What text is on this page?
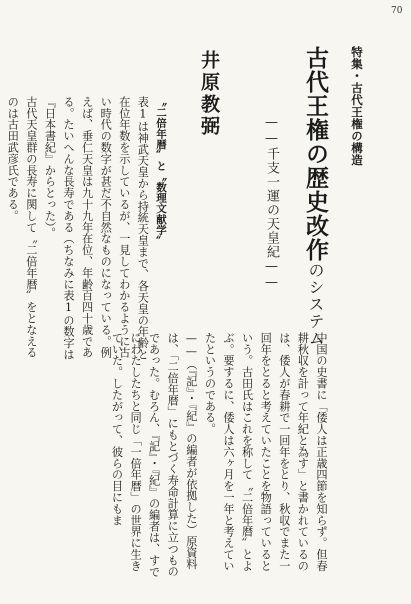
70
特集・古代王権の構造
古代王権の歴史改作のシステム
——千支一運の天皇紀——
井原教弼

〝二倍年暦〟と〝数理文献学〟

表1は神武天皇から持統天皇まで、各天皇の年齢と在位年数を示しているが、一見してわかるように古い時代の数字が甚だ不自然なものになっている。例えば、垂仁天皇は九十九年在位、年齢百四十歳である。たいへんな長寿である（ちなみに表1の数字は『日本書紀』からとった）。

古代天皇群の長寿に関して〝二倍年暦〟をとなえるのは古田武彦氏である。

中国の史書に「倭人は正歳四節を知らず。但春耕秋収を計って年紀と為す」と書かれているのは、倭人が春耕で一回年をとり、秋収でまた一回年をとると考えていたことを物語っているという。古田氏はこれを称して〝二倍年暦〟とよぶ。要するに、倭人は六ヶ月を一年と考えていたというのである。

——（『記』・『紀』の編者が依拠した）原資料は、「二倍年暦」にもとづく寿命計算に立つものであった。むろん、『記』・『紀』の編者は、すでにわたしたちと同じ「一倍年暦」の世界に生きていた。したがって、彼らの目にもま
